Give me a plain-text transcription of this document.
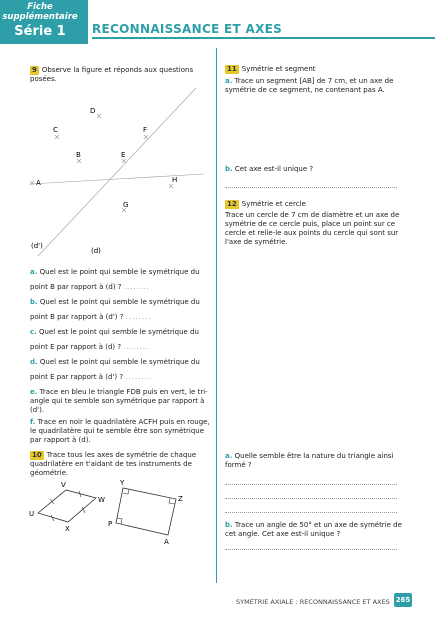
Fiche
supplémentaire
Série 1	RECONNAISSANCE ET AXES
9 Observe la figure et réponds aux questions posées.
D
C	F
B	E
A	H
G
(d')
(d)
a. Quel est le point qui semble le symétrique du
point B par rapport à (d) ? ........
b. Quel est le point qui semble le symétrique du
point B par rapport à (d') ? ........
c. Quel est le point qui semble le symétrique du
point E par rapport à (d) ? ........
d. Quel est le point qui semble le symétrique du
point E par rapport à (d') ? ........
e. Trace en bleu le triangle FDB puis en vert, le tri-
angle qui te semble son symétrique par rapport à
(d').
f. Trace en noir le quadrilatère ACFH puis en rouge,
le quadrilatère qui te semble être son symétrique
par rapport à (d).
10 Trace tous les axes de symétrie de chaque
quadrilatère en t'aidant de tes instruments de
géométrie.
V
W
U
X
Y
Z
P
A
11 Symétrie et segment
a. Trace un segment [AB] de 7 cm, et un axe de
symétrie de ce segment, ne contenant pas A.
b. Cet axe est-il unique ?
12 Symétrie et cercle
Trace un cercle de 7 cm de diamètre et un axe de
symétrie de ce cercle puis, place un point sur ce
cercle et relie-le aux points du cercle qui sont sur
l'axe de symétrie.
a. Quelle semble être la nature du triangle ainsi
formé ?
b. Trace un angle de 50° et un axe de symétrie de
cet angle. Cet axe est-il unique ?
SYMÉTRIE AXIALE : RECONNAISSANCE ET AXES 265
